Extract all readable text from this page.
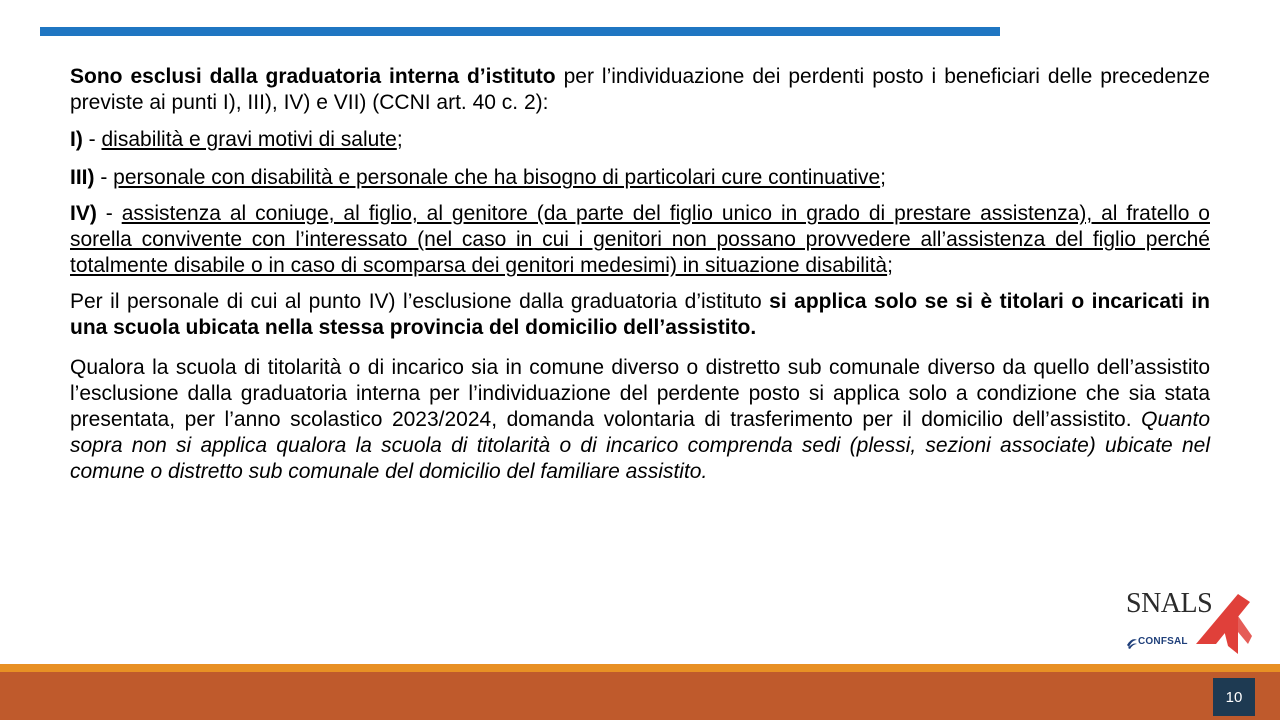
Sono esclusi dalla graduatoria interna d’istituto per l’individuazione dei perdenti posto i beneficiari delle precedenze previste ai punti I), III), IV) e VII) (CCNI art. 40 c. 2):

I) - disabilità e gravi motivi di salute;

III) - personale con disabilità e personale che ha bisogno di particolari cure continuative;

IV) - assistenza al coniuge, al figlio, al genitore (da parte del figlio unico in grado di prestare assistenza), al fratello o sorella convivente con l’interessato (nel caso in cui i genitori non possano provvedere all’assistenza del figlio perché totalmente disabile o in caso di scomparsa dei genitori medesimi) in situazione disabilità;

Per il personale di cui al punto IV) l’esclusione dalla graduatoria d’istituto si applica solo se si è titolari o incaricati in una scuola ubicata nella stessa provincia del domicilio dell’assistito.

Qualora la scuola di titolarità o di incarico sia in comune diverso o distretto sub comunale diverso da quello dell’assistito l’esclusione dalla graduatoria interna per l’individuazione del perdente posto si applica solo a condizione che sia stata presentata, per l’anno scolastico 2023/2024, domanda volontaria di trasferimento per il domicilio dell’assistito. Quanto sopra non si applica qualora la scuola di titolarità o di incarico comprenda sedi (plessi, sezioni associate) ubicate nel comune o distretto sub comunale del domicilio del familiare assistito.

SNALS
CONFSAL
10
